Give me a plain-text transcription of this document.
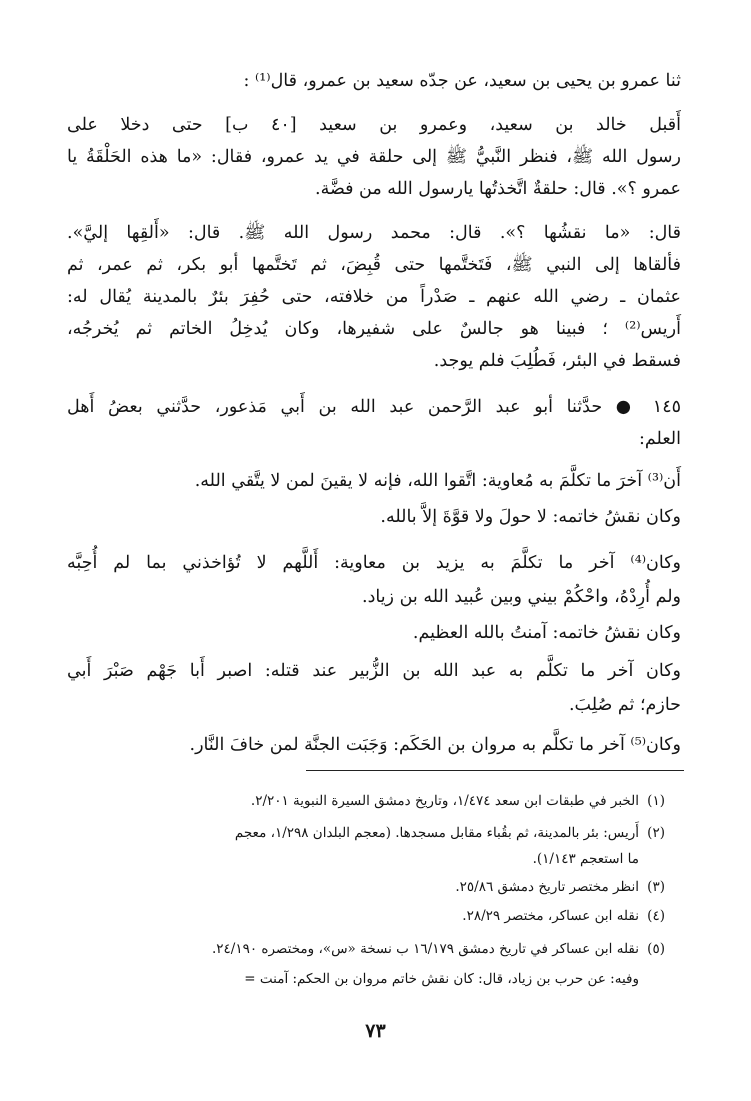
ثنا عمرو بن يحيى بن سعيد، عن جدّه سعيد بن عمرو، قال⁽¹⁾ :
أَقبل خالد بن سعيد، وعمرو بن سعيد [٤٠ ب] حتى دخلا على
رسول الله ﷺ، فنظر النَّبيُّ ﷺ إلى حلقة في يد عمرو، فقال: «ما هذه الحَلْقَةُ يا
عمرو ؟». قال: حلقةٌ اتَّخذتُها يارسول الله من فضَّة.
قال: «ما نقشُها ؟». قال: محمد رسول الله ﷺ. قال: «أَلقِها إليَّ».
فألقاها إلى النبي ﷺ، فَتَختَّمها حتى قُبِضَ، ثم تَختَّمها أبو بكر، ثم عمر، ثم
عثمان ـ رضي الله عنهم ـ صَدْراً من خلافته، حتى حُفِرَ بئرٌ بالمدينة يُقال له:
أَريس⁽²⁾ ؛ فبينا هو جالسٌ على شفيرها، وكان يُدخِلُ الخاتم ثم يُخرجُه،
فسقط في البئر، فَطُلِبَ فلم يوجد.
١٤٥ ● حدَّثنا أبو عبد الرَّحمن عبد الله بن أَبي مَذعور، حدَّثني بعضُ أَهل
العلم:
أَن⁽³⁾ آخرَ ما تكلَّمَ به مُعاوية: اتَّقوا الله، فإنه لا يقينَ لمن لا يتَّقي الله.
وكان نقشُ خاتمه: لا حولَ ولا قوَّةَ إلاَّ بالله.
وكان⁽⁴⁾ آخر ما تكلَّمَ به يزيد بن معاوية: أَللَّهم لا تُؤاخذني بما لم أُحِبَّه
ولم أُرِدْهُ، واحْكُمْ بيني وبين عُبيد الله بن زياد.
وكان نقشُ خاتمه: آمنتُ بالله العظيم.
وكان آخر ما تكلَّم به عبد الله بن الزُّبير عند قتله: اصبر أَبا جَهْم صَبْرَ أَبي
حازم؛ ثم صُلِبَ.
وكان⁽⁵⁾ آخر ما تكلَّم به مروان بن الحَكَم: وَجَبَت الجنَّة لمن خافَ النَّار.
(١)الخبر في طبقات ابن سعد ١/٤٧٤، وتاريخ دمشق السيرة النبوية ٢/٢٠١.
(٢)أَريس: بئر بالمدينة، ثم بقُباء مقابل مسجدها. (معجم البلدان ١/٢٩٨، معجم
ما استعجم ١/١٤٣).
(٣)انظر مختصر تاريخ دمشق ٢٥/٨٦.
(٤)نقله ابن عساكر، مختصر ٢٨/٢٩.
(٥)نقله ابن عساكر في تاريخ دمشق ١٦/١٧٩ ب نسخة «س»، ومختصره ٢٤/١٩٠.
وفيه: عن حرب بن زياد، قال: كان نقش خاتم مروان بن الحكم: آمنت =
٧٣
